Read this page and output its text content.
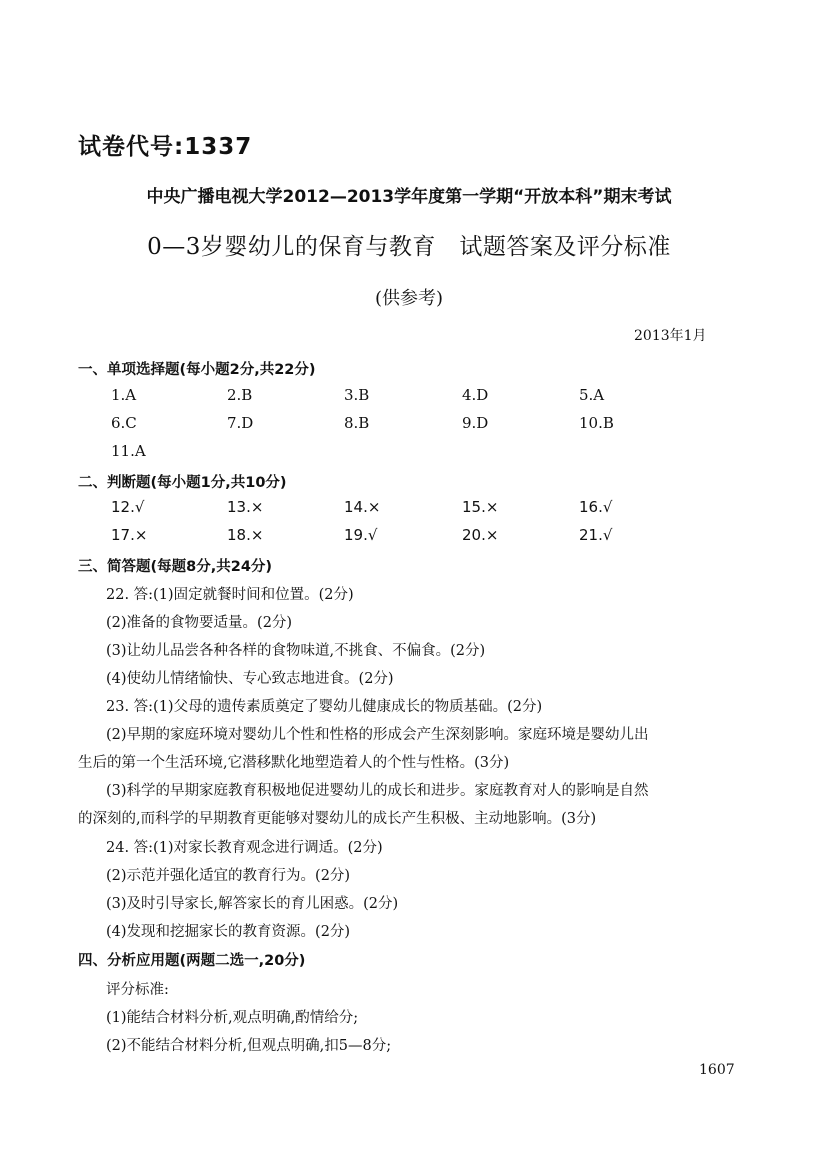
试卷代号:1337
中央广播电视大学2012—2013学年度第一学期“开放本科”期末考试
0—3岁婴幼儿的保育与教育　试题答案及评分标准
(供参考)
2013年1月
一、单项选择题(每小题2分,共22分)
1.A	2.B	3.B	4.D	5.A
6.C	7.D	8.B	9.D	10.B
11.A
二、判断题(每小题1分,共10分)
12.√	13.×	14.×	15.×	16.√
17.×	18.×	19.√	20.×	21.√
三、简答题(每题8分,共24分)
22. 答:(1)固定就餐时间和位置。(2分)
(2)准备的食物要适量。(2分)
(3)让幼儿品尝各种各样的食物味道,不挑食、不偏食。(2分)
(4)使幼儿情绪愉快、专心致志地进食。(2分)
23. 答:(1)父母的遗传素质奠定了婴幼儿健康成长的物质基础。(2分)
(2)早期的家庭环境对婴幼儿个性和性格的形成会产生深刻影响。家庭环境是婴幼儿出
生后的第一个生活环境,它潜移默化地塑造着人的个性与性格。(3分)
(3)科学的早期家庭教育积极地促进婴幼儿的成长和进步。家庭教育对人的影响是自然
的深刻的,而科学的早期教育更能够对婴幼儿的成长产生积极、主动地影响。(3分)
24. 答:(1)对家长教育观念进行调适。(2分)
(2)示范并强化适宜的教育行为。(2分)
(3)及时引导家长,解答家长的育儿困惑。(2分)
(4)发现和挖掘家长的教育资源。(2分)
四、分析应用题(两题二选一,20分)
评分标准:
(1)能结合材料分析,观点明确,酌情给分;
(2)不能结合材料分析,但观点明确,扣5—8分;
1607
